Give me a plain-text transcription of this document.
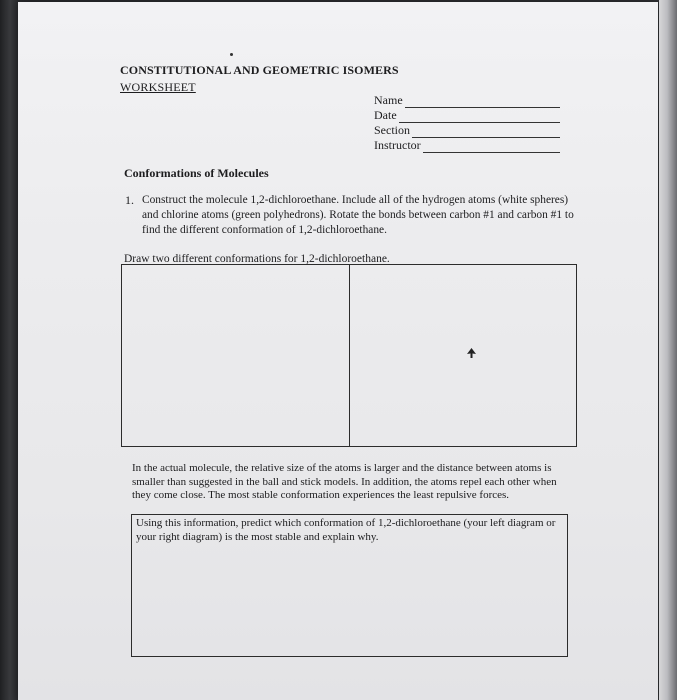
CONSTITUTIONAL AND GEOMETRIC ISOMERS
WORKSHEET
Name
Date
Section
Instructor
Conformations of Molecules
1. Construct the molecule 1,2-dichloroethane. Include all of the hydrogen atoms (white spheres) and chlorine atoms (green polyhedrons). Rotate the bonds between carbon #1 and carbon #1 to find the different conformation of 1,2-dichloroethane.
Draw two different conformations for 1,2-dichloroethane.
In the actual molecule, the relative size of the atoms is larger and the distance between atoms is smaller than suggested in the ball and stick models. In addition, the atoms repel each other when they come close. The most stable conformation experiences the least repulsive forces.
Using this information, predict which conformation of 1,2-dichloroethane (your left diagram or your right diagram) is the most stable and explain why.
